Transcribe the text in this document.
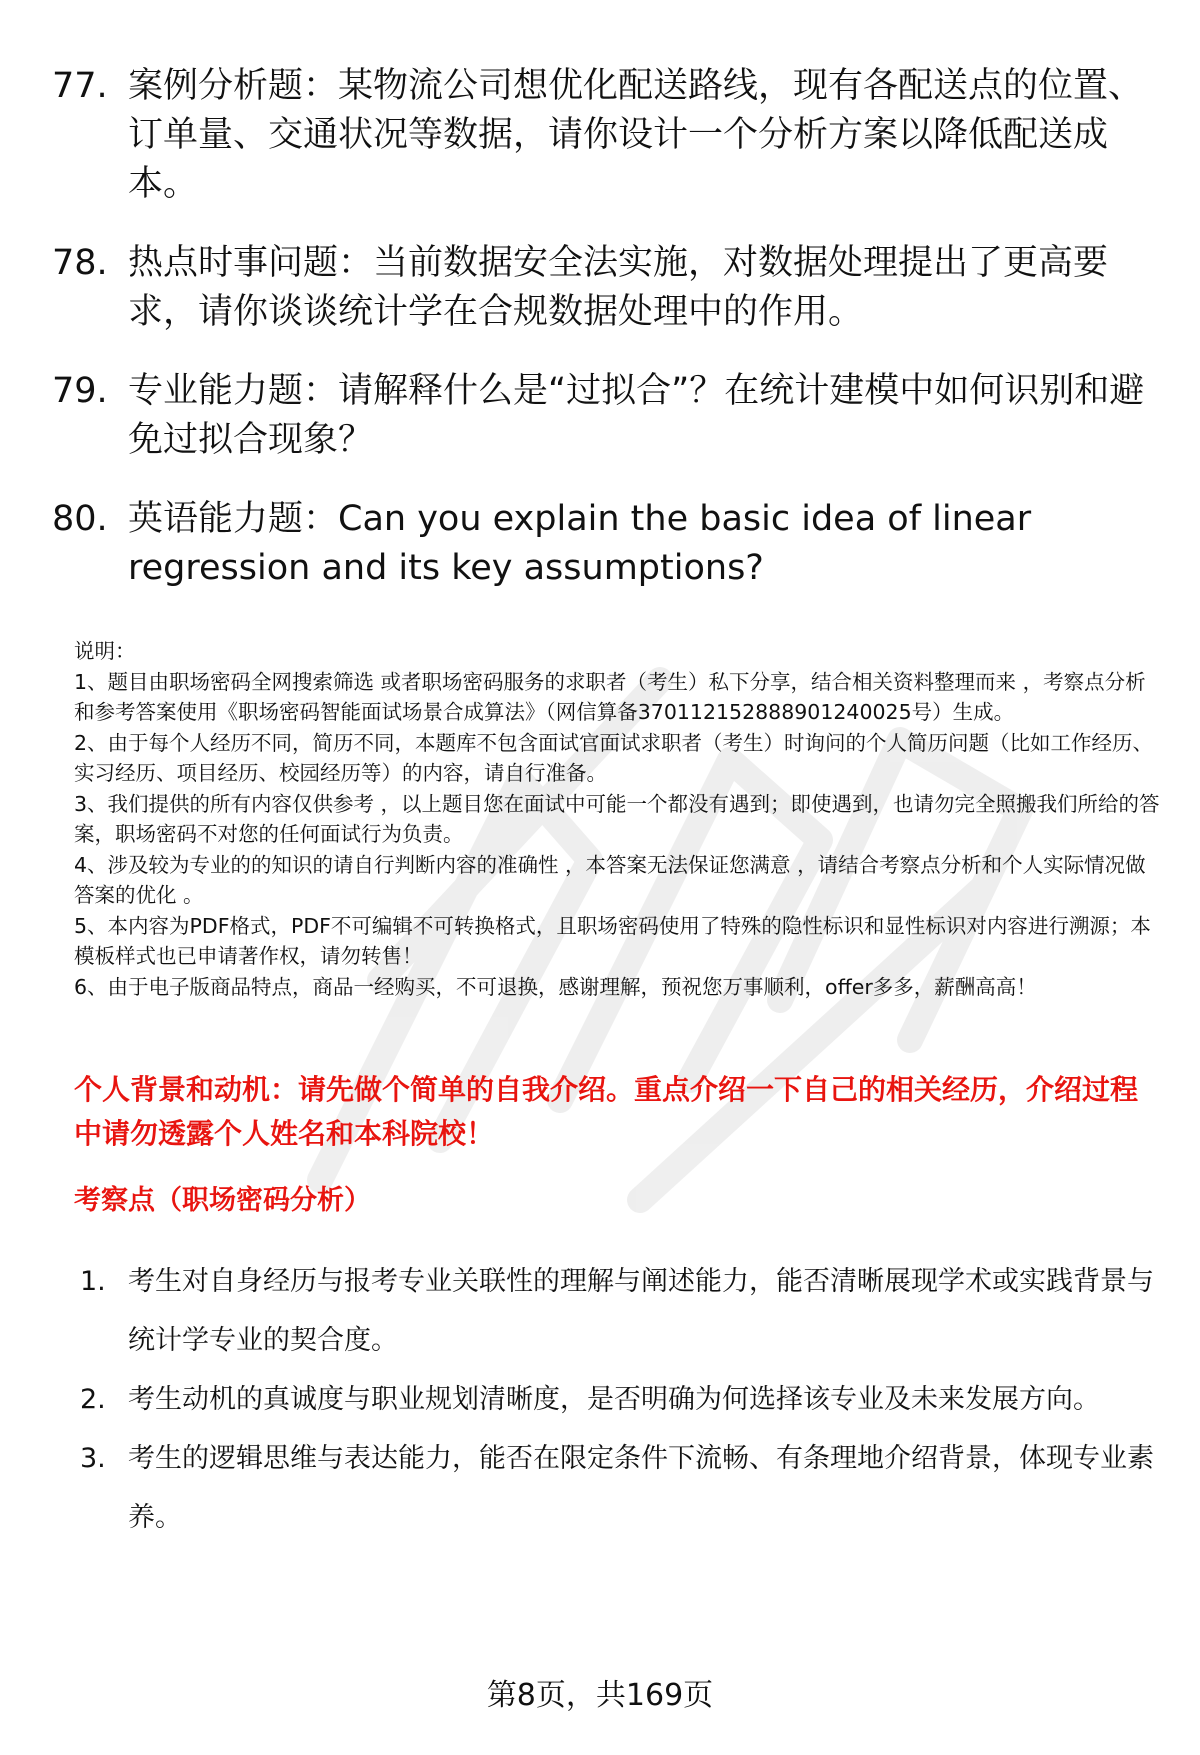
77. 案例分析题：某物流公司想优化配送路线，现有各配送点的位置、订单量、交通状况等数据，请你设计一个分析方案以降低配送成本。
78. 热点时事问题：当前数据安全法实施，对数据处理提出了更高要求，请你谈谈统计学在合规数据处理中的作用。
79. 专业能力题：请解释什么是“过拟合”？在统计建模中如何识别和避免过拟合现象？
80. 英语能力题：Can you explain the basic idea of linear regression and its key assumptions?

说明：

1、题目由职场密码全网搜索筛选 或者职场密码服务的求职者（考生）私下分享，结合相关资料整理而来 ，考察点分析和参考答案使用《职场密码智能面试场景合成算法》（网信算备370112152888901240025号）生成。

2、由于每个人经历不同，简历不同，本题库不包含面试官面试求职者（考生）时询问的个人简历问题（比如工作经历、实习经历、项目经历、校园经历等）的内容，请自行准备。

3、我们提供的所有内容仅供参考 ，以上题目您在面试中可能一个都没有遇到；即使遇到，也请勿完全照搬我们所给的答案，职场密码不对您的任何面试行为负责。

4、涉及较为专业的的知识的请自行判断内容的准确性 ，本答案无法保证您满意 ，请结合考察点分析和个人实际情况做答案的优化 。

5、本内容为PDF格式，PDF不可编辑不可转换格式，且职场密码使用了特殊的隐性标识和显性标识对内容进行溯源；本模板样式也已申请著作权，请勿转售！

6、由于电子版商品特点，商品一经购买，不可退换，感谢理解，预祝您万事顺利，offer多多，薪酬高高！

个人背景和动机：请先做个简单的自我介绍。重点介绍一下自己的相关经历，介绍过程中请勿透露个人姓名和本科院校！
考察点（职场密码分析）
1. 考生对自身经历与报考专业关联性的理解与阐述能力，能否清晰展现学术或实践背景与统计学专业的契合度。
2. 考生动机的真诚度与职业规划清晰度，是否明确为何选择该专业及未来发展方向。
3. 考生的逻辑思维与表达能力，能否在限定条件下流畅、有条理地介绍背景，体现专业素养。
第8页，共169页
